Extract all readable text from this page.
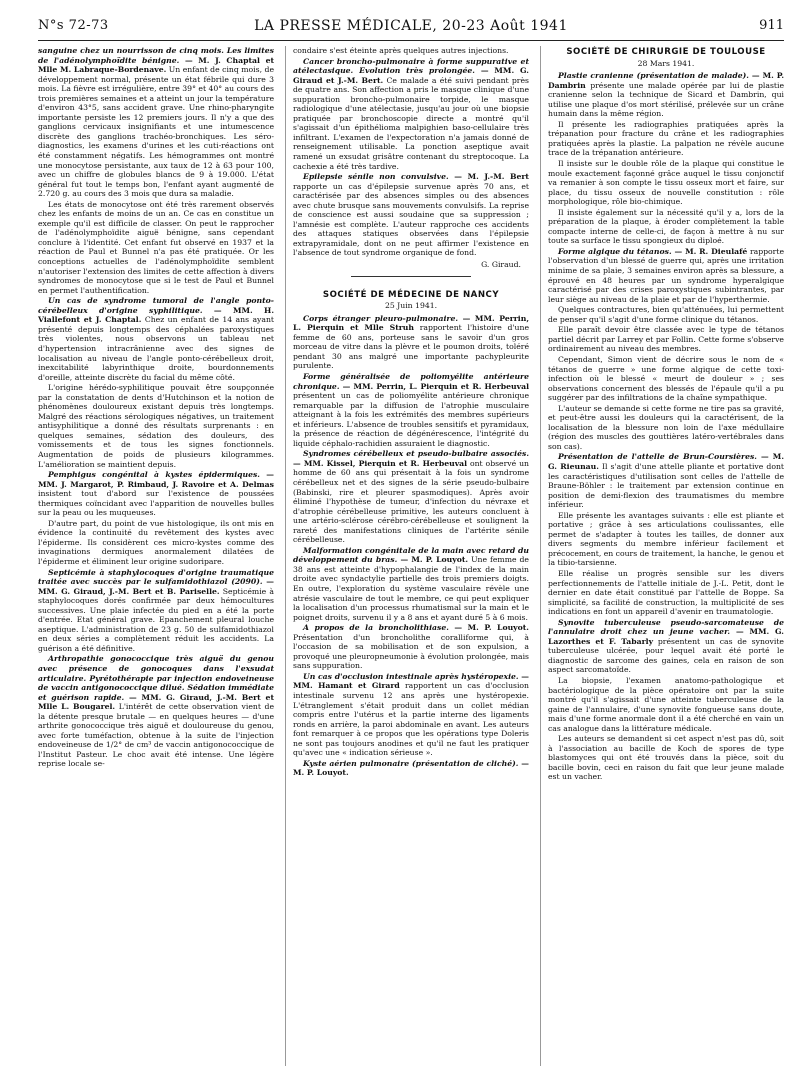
N°s 72-73	LA PRESSE MÉDICALE, 20-23 Août 1941	911

sanguine chez un nourrisson de cinq mois. Les limites de l'adénolymphoïdite bénigne. — M. J. Chaptal et Mlle M. Labraque-Bordenave. Un enfant de cinq mois, de développement normal, présente un état fébrile qui dure 3 mois. La fièvre est irrégulière, entre 39° et 40° au cours des trois premières semaines et a atteint un jour la température d'environ 43°5, sans accident grave. Une rhino-pharyngite importante persiste les 12 premiers jours. Il n'y a que des ganglions cervicaux insignifiants et une intumescence discrète des ganglions trachéo-bronchiques. Les séro-diagnostics, les examens d'urines et les cuti-réactions ont été constamment négatifs. Les hémogrammes ont montré une monocytose persistante, aux taux de 12 à 63 pour 100, avec un chiffre de globules blancs de 9 à 19.000. L'état général fut tout le temps bon, l'enfant ayant augmenté de 2.720 g. au cours des 3 mois que dura sa maladie.

Les états de monocytose ont été très rarement observés chez les enfants de moins de un an. Ce cas en constitue un exemple qu'il est difficile de classer. On peut le rapprocher de l'adénolymphoïdite aiguë bénigne, sans cependant conclure à l'identité. Cet enfant fut observé en 1937 et la réaction de Paul et Bunnel n'a pas été pratiquée. Or les conceptions actuelles de l'adénolymphoïdite semblent n'autoriser l'extension des limites de cette affection à divers syndromes de monocytose que si le test de Paul et Bunnel en permet l'authentification.

Un cas de syndrome tumoral de l'angle ponto-cérébelleux d'origine syphilitique. — MM. H. Viallefont et J. Chaptal. Chez un enfant de 14 ans ayant présenté depuis longtemps des céphalées paroxystiques très violentes, nous observons un tableau net d'hypertension intracrânienne avec des signes de localisation au niveau de l'angle ponto-cérébelleux droit, inexcitabilité labyrinthique droite, bourdonnements d'oreille, atteinte discrète du facial du même côté.

L'origine hérédo-syphilitique pouvait être soupçonnée par la constatation de dents d'Hutchinson et la notion de phénomènes douloureux existant depuis très longtemps. Malgré des réactions sérologiques négatives, un traitement antisyphilitique a donné des résultats surprenants : en quelques semaines, sédation des douleurs, des vomissements et de tous les signes fonctionnels. Augmentation de poids de plusieurs kilogrammes. L'amélioration se maintient depuis.

Pemphigus congénital à kystes épidermiques. — MM. J. Margarot, P. Rimbaud, J. Ravoire et A. Delmas insistent tout d'abord sur l'existence de poussées thermiques coïncidant avec l'apparition de nouvelles bulles sur la peau ou les muqueuses.

D'autre part, du point de vue histologique, ils ont mis en évidence la continuité du revêtement des kystes avec l'épiderme. Ils considèrent ces micro-kystes comme des invaginations dermiques anormalement dilatées de l'épiderme et éliminent leur origine sudoripare.

Septicémie à staphylocoques d'origine traumatique traitée avec succès par le sulfamidothiazol (2090). — MM. G. Giraud, J.-M. Bert et B. Pariselle. Septicémie à staphylocoques dorés confirmée par deux hémocultures successives. Une plaie infectée du pied en a été la porte d'entrée. Etat général grave. Epanchement pleural louche aseptique. L'administration de 23 g. 50 de sulfamidothiazol en deux séries a complètement réduit les accidents. La guérison a été définitive.

Arthropathie gonococcique très aiguë du genou avec présence de gonocoques dans l'exsudat articulaire. Pyrétothérapie par injection endoveineuse de vaccin antigonococcique dilué. Sédation immédiate et guérison rapide. — MM. G. Giraud, J.-M. Bert et Mlle L. Bougarel. L'intérêt de cette observation vient de la détente presque brutale — en quelques heures — d'une arthrite gonococcique très aiguë et douloureuse du genou, avec forte tuméfaction, obtenue à la suite de l'injection endoveineuse de 1/2° de cm³ de vaccin antigonococcique de l'Institut Pasteur. Le choc avait été intense. Une légère reprise locale se-

condaire s'est éteinte après quelques autres injections.

Cancer broncho-pulmonaire à forme suppurative et atélectasique. Evolution très prolongée. — MM. G. Giraud et J.-M. Bert. Ce malade a été suivi pendant près de quatre ans. Son affection a pris le masque clinique d'une suppuration broncho-pulmonaire torpide, le masque radiologique d'une atélectasie, jusqu'au jour où une biopsie pratiquée par bronchoscopie directe a montré qu'il s'agissait d'un épithélioma malpighien baso-cellulaire très infiltrant. L'examen de l'expectoration n'a jamais donné de renseignement utilisable. La ponction aseptique avait ramené un exsudat grisâtre contenant du streptocoque. La cachexie a été très tardive.

Epilepsie sénile non convulsive. — M. J.-M. Bert rapporte un cas d'épilepsie survenue après 70 ans, et caractérisée par des absences simples ou des absences avec chute brusque sans mouvements convulsifs. La reprise de conscience est aussi soudaine que sa suppression ; l'amnésie est complète. L'auteur rapproche ces accidents des attaques statiques observées dans l'épilepsie extrapyramidale, dont on ne peut affirmer l'existence en l'absence de tout syndrome organique de fond.

G. Giraud.

SOCIÉTÉ DE MÉDECINE DE NANCY

25 Juin 1941.

Corps étranger pleuro-pulmonaire. — MM. Perrin, L. Pierquin et Mlle Struh rapportent l'histoire d'une femme de 60 ans, porteuse sans le savoir d'un gros morceau de vitre dans la plèvre et le poumon droits, toléré pendant 30 ans malgré une importante pachypleurite purulente.

Forme généralisée de poliomyélite antérieure chronique. — MM. Perrin, L. Pierquin et R. Herbeuval présentent un cas de poliomyélite antérieure chronique remarquable par la diffusion de l'atrophie musculaire atteignant à la fois les extrémités des membres supérieurs et inférieurs. L'absence de troubles sensitifs et pyramidaux, la présence de réaction de dégénérescence, l'intégrité du liquide céphalo-rachidien assuraient le diagnostic.

Syndromes cérébelleux et pseudo-bulbaire associés. — MM. Kissel, Pierquin et R. Herbeuval ont observé un homme de 60 ans qui présentait à la fois un syndrome cérébelleux net et des signes de la série pseudo-bulbaire (Babinski, rire et pleurer spasmodiques). Après avoir éliminé l'hypothèse de tumeur, d'infection du névraxe et d'atrophie cérébelleuse primitive, les auteurs concluent à une artério-sclérose cérébro-cérébelleuse et soulignent la rareté des manifestations cliniques de l'artérite sénile cérébelleuse.

Malformation congénitale de la main avec retard du développement du bras. — M. P. Louyot. Une femme de 38 ans est atteinte d'hypophalangie de l'index de la main droite avec syndactylie partielle des trois premiers doigts. En outre, l'exploration du système vasculaire révèle une atrésie vasculaire de tout le membre, ce qui peut expliquer la localisation d'un processus rhumatismal sur la main et le poignet droits, survenu il y a 8 ans et ayant duré 5 à 6 mois.

A propos de la broncholithiase. — M. P. Louyot. Présentation d'un broncholithe coralliforme qui, à l'occasion de sa mobilisation et de son expulsion, a provoqué une pleuropneumonie à évolution prolongée, mais sans suppuration.

Un cas d'occlusion intestinale après hystéropexie. — MM. Hamant et Girard rapportent un cas d'occlusion intestinale survenu 12 ans après une hystéropexie. L'étranglement s'était produit dans un collet médian compris entre l'utérus et la partie interne des ligaments ronds en arrière, la paroi abdominale en avant. Les auteurs font remarquer à ce propos que les opérations type Doleris ne sont pas toujours anodines et qu'il ne faut les pratiquer qu'avec une « indication sérieuse ».

Kyste aérien pulmonaire (présentation de cliché). — M. P. Louyot.

SOCIÉTÉ DE CHIRURGIE DE TOULOUSE

28 Mars 1941.

Plastie cranienne (présentation de malade). — M. P. Dambrin présente une malade opérée par lui de plastie cranienne selon la technique de Sicard et Dambrin, qui utilise une plaque d'os mort stérilisé, prélevée sur un crâne humain dans la même région.

Il présente les radiographies pratiquées après la trépanation pour fracture du crâne et les radiographies pratiquées après la plastie. La palpation ne révèle aucune trace de la trépanation antérieure.

Il insiste sur le double rôle de la plaque qui constitue le moule exactement façonné grâce auquel le tissu conjonctif va remanier à son compte le tissu osseux mort et faire, sur place, du tissu osseux de nouvelle constitution : rôle morphologique, rôle bio-chimique.

Il insiste également sur la nécessité qu'il y a, lors de la préparation de la plaque, à éroder complètement la table compacte interne de celle-ci, de façon à mettre à nu sur toute sa surface le tissu spongieux du diploé.

Forme algique du tétanos. — M. R. Dieulafé rapporte l'observation d'un blessé de guerre qui, après une irritation minime de sa plaie, 3 semaines environ après sa blessure, a éprouvé en 48 heures par un syndrome hyperalgique caractérisé par des crises paroxystiques subintrantes, par leur siège au niveau de la plaie et par de l'hyperthermie.

Quelques contractures, bien qu'atténuées, lui permettent de penser qu'il s'agit d'une forme clinique du tétanos.

Elle paraît devoir être classée avec le type de tétanos partiel décrit par Larrey et par Follin. Cette forme s'observe ordinairement au niveau des membres.

Cependant, Simon vient de décrire sous le nom de « tétanos de guerre » une forme algique de cette toxi-infection où le blessé « meurt de douleur » ; ses observations concernent des blessés de l'épaule qu'il a pu suggérer par des infiltrations de la chaîne sympathique.

L'auteur se demande si cette forme ne tire pas sa gravité, et peut-être aussi les douleurs qui la caractérisent, de la localisation de la blessure non loin de l'axe médullaire (région des muscles des gouttières latéro-vertébrales dans son cas).

Présentation de l'attelle de Brun-Coursières. — M. G. Rieunau. Il s'agit d'une attelle pliante et portative dont les caractéristiques d'utilisation sont celles de l'attelle de Braune-Böhler : le traitement par extension continue en position de demi-flexion des traumatismes du membre inférieur.

Elle présente les avantages suivants : elle est pliante et portative ; grâce à ses articulations coulissantes, elle permet de s'adapter à toutes les tailles, de donner aux divers segments du membre inférieur facilement et précocement, en cours de traitement, la hanche, le genou et la tibio-tarsienne.

Elle réalise un progrès sensible sur les divers perfectionnements de l'attelle initiale de J.-L. Petit, dont le dernier en date était constitué par l'attelle de Boppe. Sa simplicité, sa facilité de construction, la multiplicité de ses indications en font un appareil d'avenir en traumatologie.

Synovite tuberculeuse pseudo-sarcomateuse de l'annulaire droit chez un jeune vacher. — MM. G. Lazorthes et F. Tabarly présentent un cas de synovite tuberculeuse ulcérée, pour lequel avait été porté le diagnostic de sarcome des gaines, cela en raison de son aspect sarcomatoïde.

La biopsie, l'examen anatomo-pathologique et bactériologique de la pièce opératoire ont par la suite montré qu'il s'agissait d'une atteinte tuberculeuse de la gaine de l'annulaire, d'une synovite fongueuse sans doute, mais d'une forme anormale dont il a été cherché en vain un cas analogue dans la littérature médicale.

Les auteurs se demandent si cet aspect n'est pas dû, soit à l'association au bacille de Koch de spores de type blastomyces qui ont été trouvés dans la pièce, soit du bacille bovin, ceci en raison du fait que leur jeune malade est un vacher.
